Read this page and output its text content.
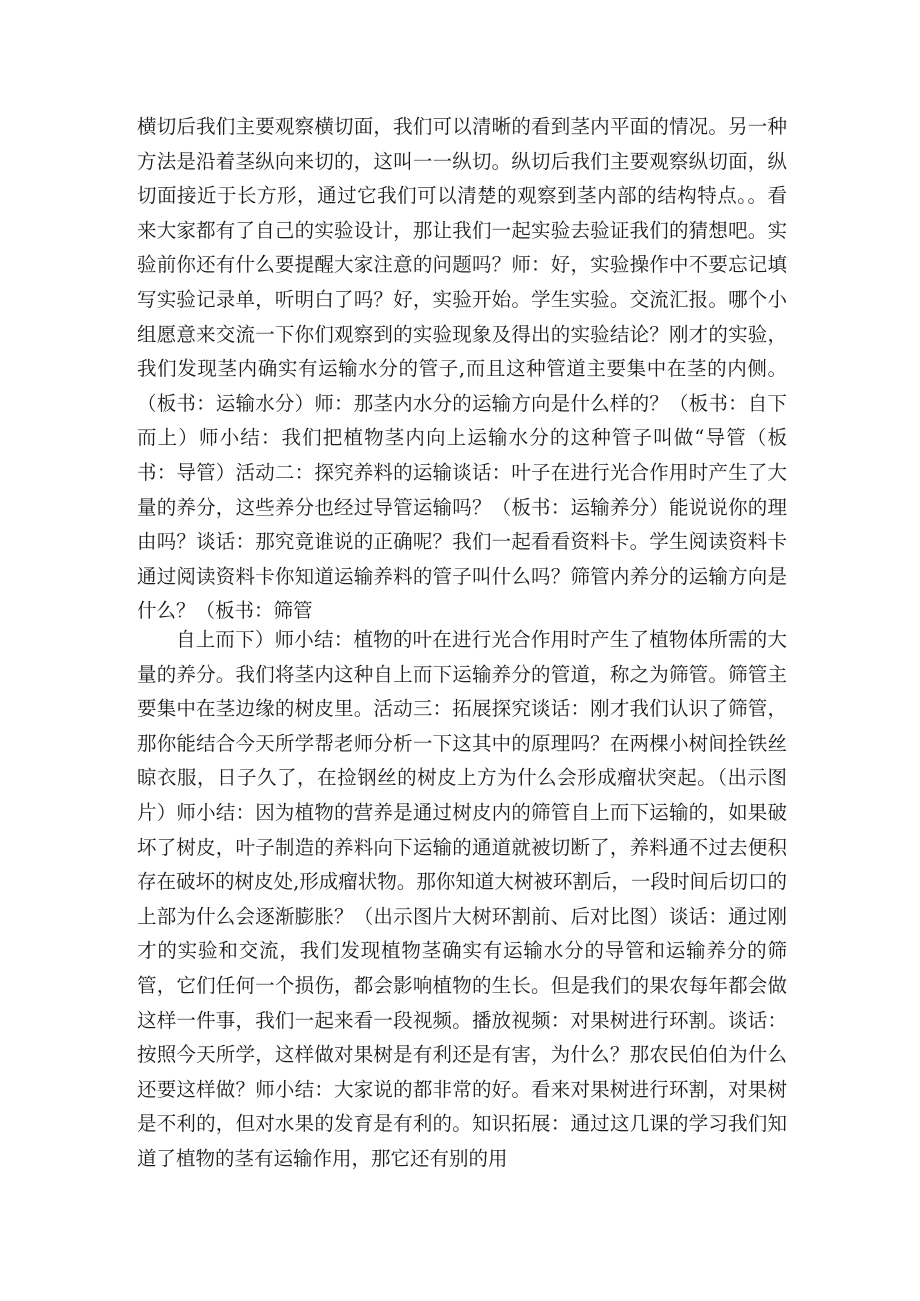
横切后我们主要观察横切面，我们可以清晰的看到茎内平面的情况。另一种方法是沿着茎纵向来切的，这叫一一纵切。纵切后我们主要观察纵切面，纵切面接近于长方形，通过它我们可以清楚的观察到茎内部的结构特点。。看来大家都有了自己的实验设计，那让我们一起实验去验证我们的猜想吧。实验前你还有什么要提醒大家注意的问题吗？师：好，实验操作中不要忘记填写实验记录单，听明白了吗？好，实验开始。学生实验。交流汇报。哪个小组愿意来交流一下你们观察到的实验现象及得出的实验结论？刚才的实验，我们发现茎内确实有运输水分的管子,而且这种管道主要集中在茎的内侧。（板书：运输水分）师：那茎内水分的运输方向是什么样的？（板书：自下而上）师小结：我们把植物茎内向上运输水分的这种管子叫做“导管（板书：导管）活动二：探究养料的运输谈话：叶子在进行光合作用时产生了大量的养分，这些养分也经过导管运输吗？（板书：运输养分）能说说你的理由吗？谈话：那究竟谁说的正确呢？我们一起看看资料卡。学生阅读资料卡通过阅读资料卡你知道运输养料的管子叫什么吗？筛管内养分的运输方向是什么？（板书：筛管

自上而下）师小结：植物的叶在进行光合作用时产生了植物体所需的大量的养分。我们将茎内这种自上而下运输养分的管道，称之为筛管。筛管主要集中在茎边缘的树皮里。活动三：拓展探究谈话：刚才我们认识了筛管，那你能结合今天所学帮老师分析一下这其中的原理吗？在两棵小树间拴铁丝晾衣服，日子久了，在捡钢丝的树皮上方为什么会形成瘤状突起。（出示图片）师小结：因为植物的营养是通过树皮内的筛管自上而下运输的，如果破坏了树皮，叶子制造的养料向下运输的通道就被切断了，养料通不过去便积存在破坏的树皮处,形成瘤状物。那你知道大树被环割后，一段时间后切口的上部为什么会逐渐膨胀？（出示图片大树环割前、后对比图）谈话：通过刚才的实验和交流，我们发现植物茎确实有运输水分的导管和运输养分的筛管，它们任何一个损伤，都会影响植物的生长。但是我们的果农每年都会做这样一件事，我们一起来看一段视频。播放视频：对果树进行环割。谈话：按照今天所学，这样做对果树是有利还是有害，为什么？那农民伯伯为什么还要这样做？师小结：大家说的都非常的好。看来对果树进行环割，对果树是不利的，但对水果的发育是有利的。知识拓展：通过这几课的学习我们知道了植物的茎有运输作用，那它还有别的用
